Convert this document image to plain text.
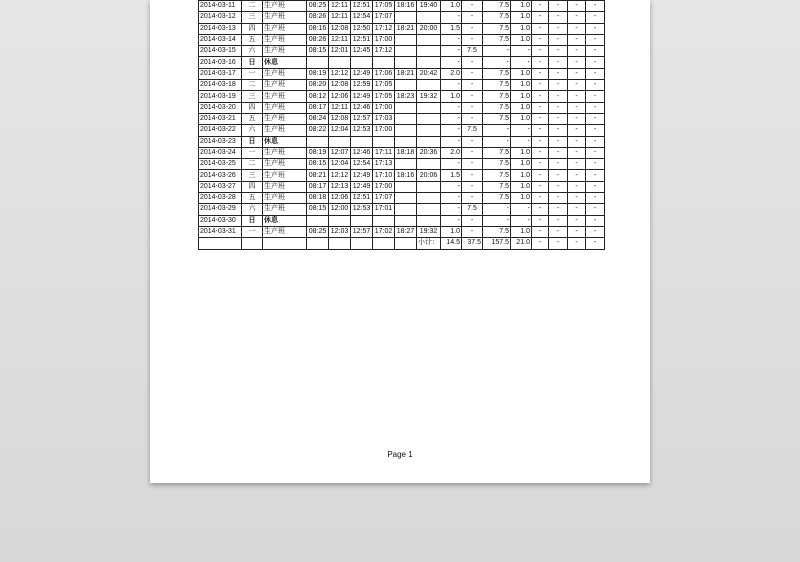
2014-03-11	二	生产班	08:25	12:11	12:51	17:05	18:16	19:40	1.0	-	7.5	1.0	-	-	-	-
2014-03-12	三	生产班	08:26	12:11	12:54	17:07			-	-	7.5	1.0	-	-	-	-
2014-03-13	四	生产班	08:16	12:08	12:50	17:12	18:21	20:00	1.5	-	7.5	1.0	-	-	-	-
2014-03-14	五	生产班	08:26	12:11	12:51	17:00			-	-	7.5	1.0	-	-	-	-
2014-03-15	六	生产班	08:15	12:01	12:45	17:12			-	7.5	-	-	-	-	-	-
2014-03-16	日	休息							-	-	-	-	-	-	-	-
2014-03-17	一	生产班	08:19	12:12	12:49	17:06	18:21	20:42	2.0	-	7.5	1.0	-	-	-	-
2014-03-18	二	生产班	08:20	12:08	12:59	17:05			-	-	7.5	1.0	-	-	-	-
2014-03-19	三	生产班	08:12	12:06	12:49	17:05	18:23	19:32	1.0	-	7.5	1.0	-	-	-	-
2014-03-20	四	生产班	08:17	12:11	12:46	17:00			-	-	7.5	1.0	-	-	-	-
2014-03-21	五	生产班	08:24	12:08	12:57	17:03			-	-	7.5	1.0	-	-	-	-
2014-03-22	六	生产班	08:22	12:04	12:53	17:00			-	7.5	-	-	-	-	-	-
2014-03-23	日	休息							-	-	-	-	-	-	-	-
2014-03-24	一	生产班	08:19	12:07	12:46	17:11	18:18	20:36	2.0	-	7.5	1.0	-	-	-	-
2014-03-25	二	生产班	08:15	12:04	12:54	17:13			-	-	7.5	1.0	-	-	-	-
2014-03-26	三	生产班	08:21	12:12	12:49	17:10	18:16	20:06	1.5	-	7.5	1.0	-	-	-	-
2014-03-27	四	生产班	08:17	12:13	12:49	17:00			-	-	7.5	1.0	-	-	-	-
2014-03-28	五	生产班	08:18	12:06	12:51	17:07			-	-	7.5	1.0	-	-	-	-
2014-03-29	六	生产班	08:15	12:00	12:53	17:01			-	7.5	-	-	-	-	-	-
2014-03-30	日	休息							-	-	-	-	-	-	-	-
2014-03-31	一	生产班	08:25	12:03	12:57	17:02	18:27	19:32	1.0	-	7.5	1.0	-	-	-	-
								小计：	14.5	37.5	157.5	21.0	-	-	-	-
Page 1
